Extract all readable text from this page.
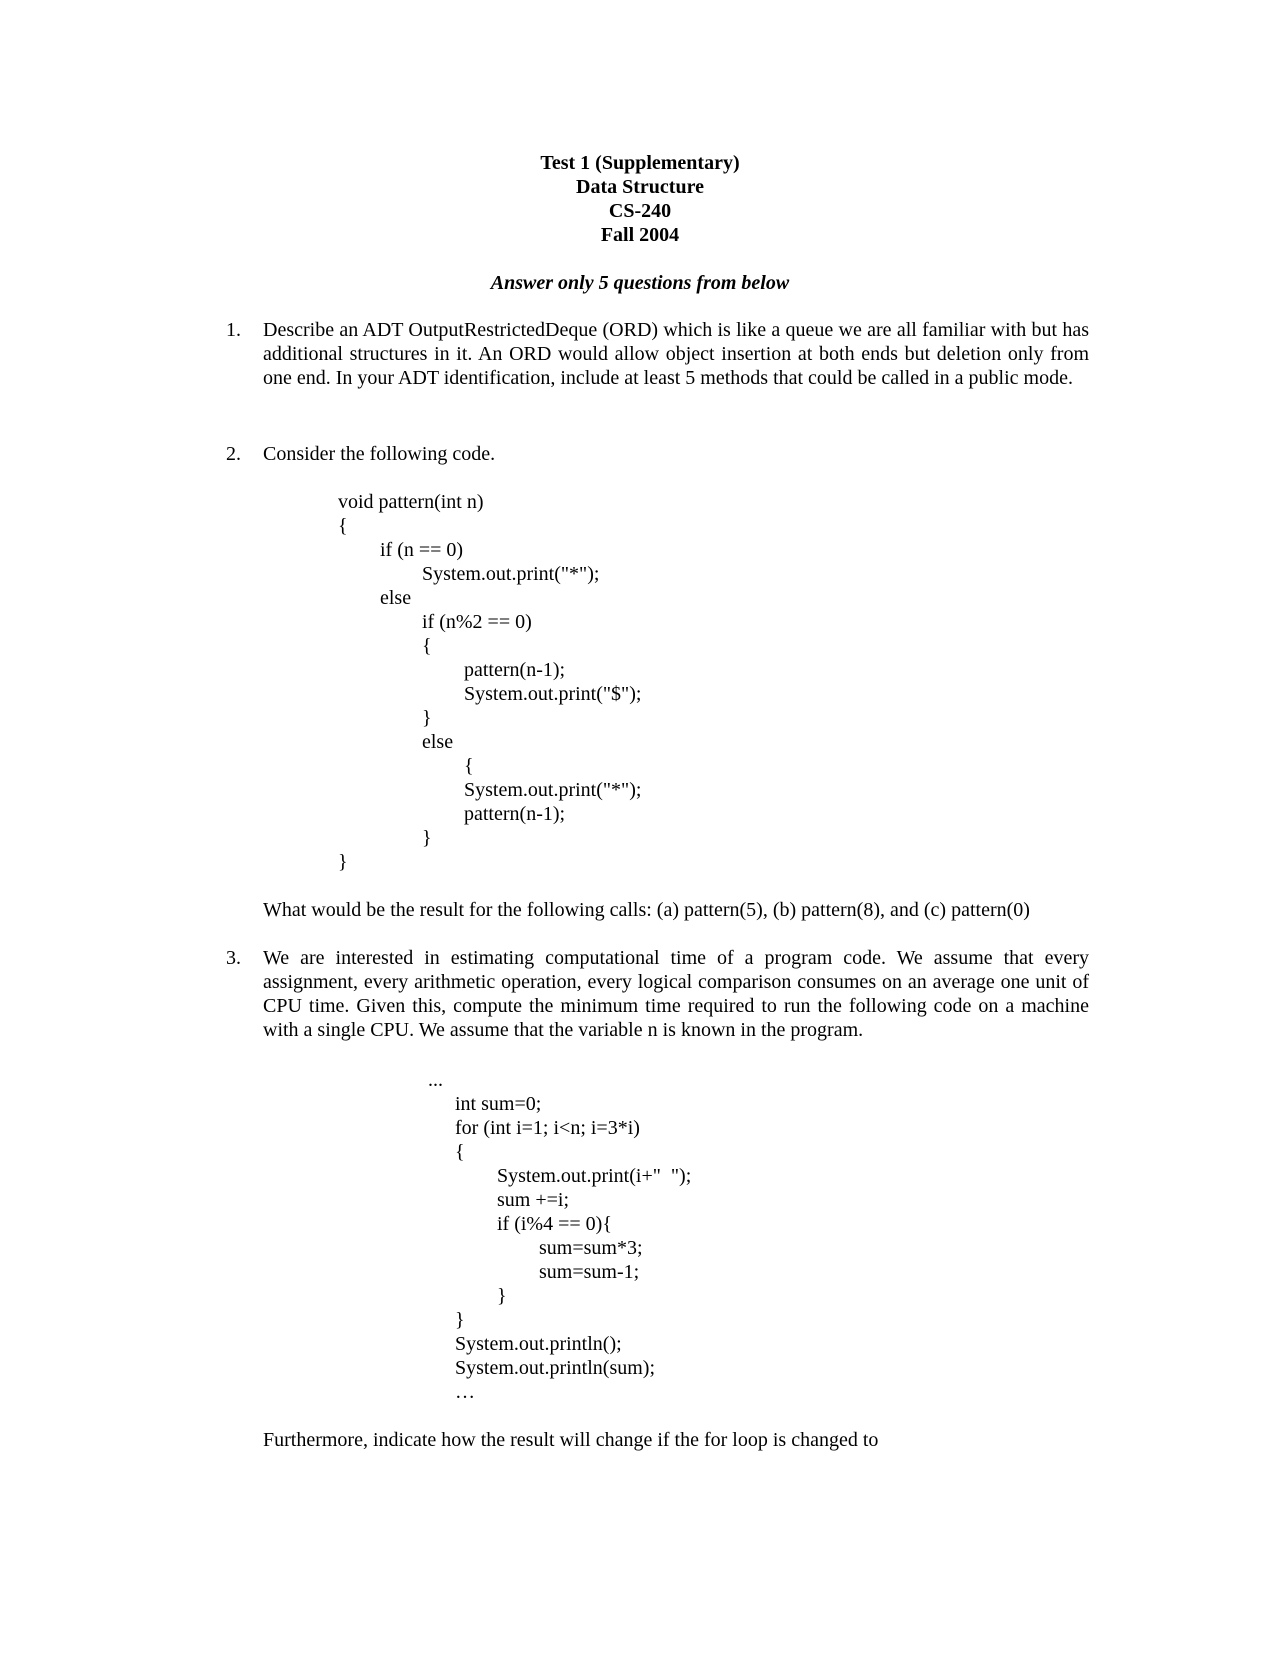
Test 1 (Supplementary)
Data Structure
CS-240
Fall 2004
Answer only 5 questions from below
1. Describe an ADT OutputRestrictedDeque (ORD) which is like a queue we are all familiar with but has additional structures in it. An ORD would allow object insertion at both ends but deletion only from one end. In your ADT identification, include at least 5 methods that could be called in a public mode.
2. Consider the following code.

void pattern(int n)

{

if (n == 0)

System.out.print("*");

else

if (n%2 == 0)

{

pattern(n-1);

System.out.print("$");

}

else

{

System.out.print("*");

pattern(n-1);

}

}

What would be the result for the following calls: (a) pattern(5), (b) pattern(8), and (c) pattern(0)
3. We are interested in estimating computational time of a program code. We assume that every assignment, every arithmetic operation, every logical comparison consumes on an average one unit of CPU time. Given this, compute the minimum time required to run the following code on a machine with a single CPU. We assume that the variable n is known in the program.

...

int sum=0;

for (int i=1; i<n; i=3*i)

{

System.out.print(i+"  ");

sum +=i;

if (i%4 == 0){

sum=sum*3;

sum=sum-1;

}

}

System.out.println();

System.out.println(sum);

…

Furthermore, indicate how the result will change if the for loop is changed to
